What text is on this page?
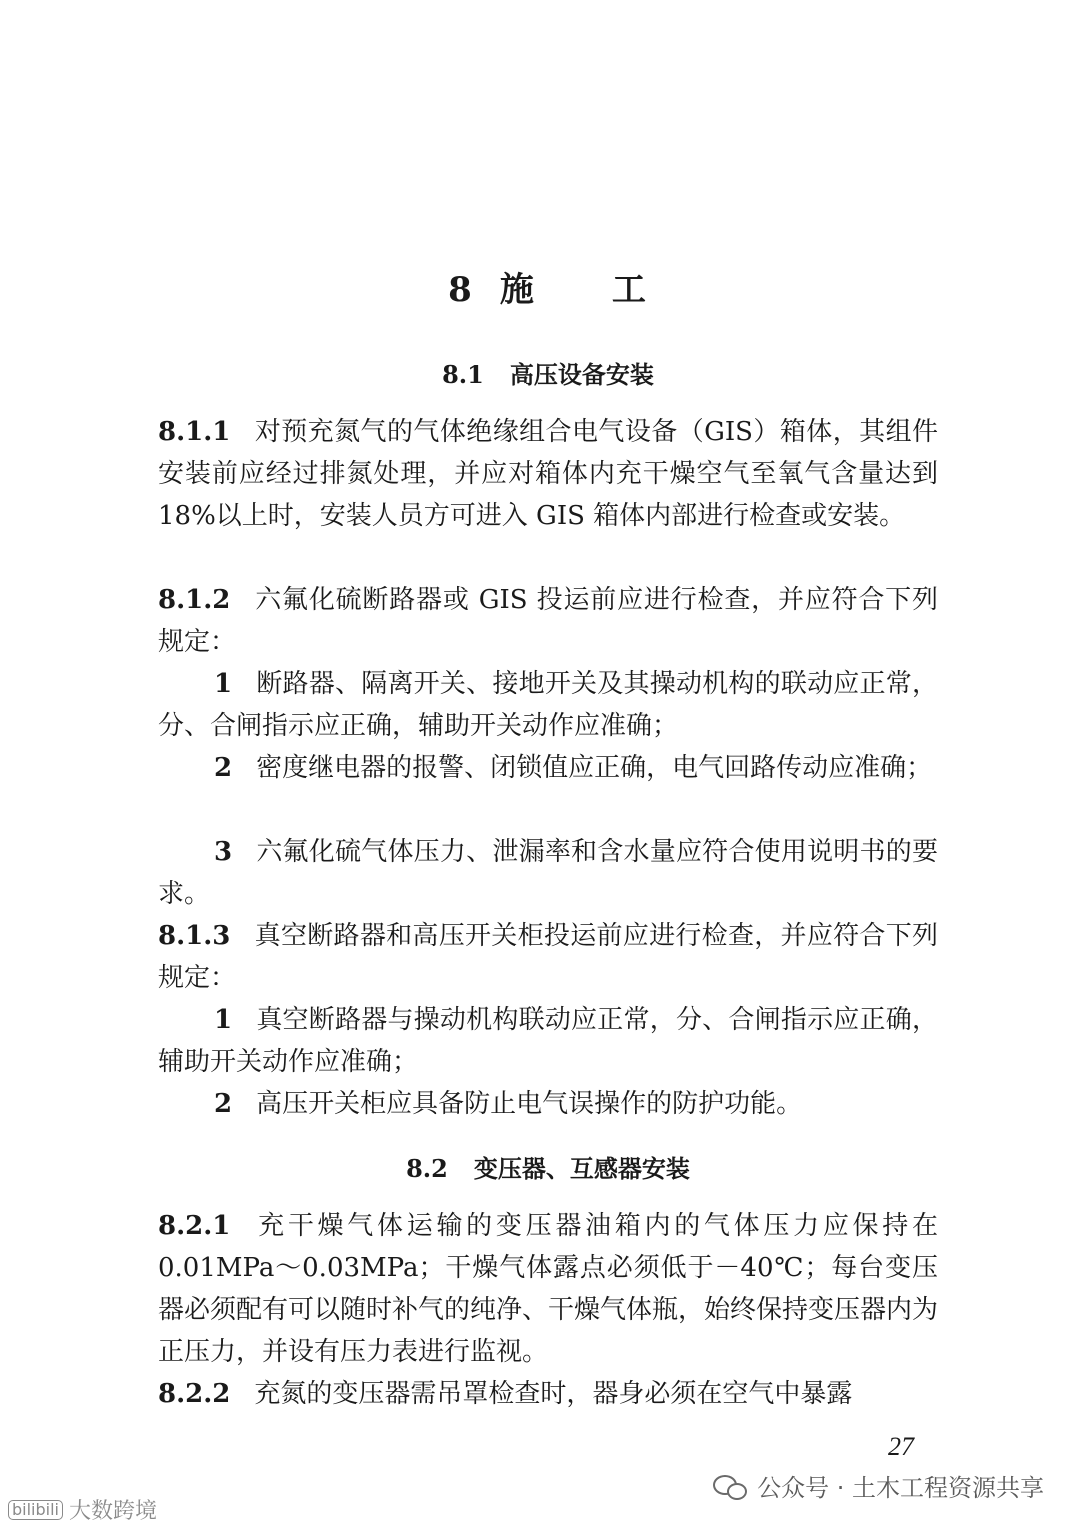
8 施 工
8.1 高压设备安装
8.1.1 对预充氮气的气体绝缘组合电气设备（GIS）箱体，其组件安装前应经过排氮处理，并应对箱体内充干燥空气至氧气含量达到 18%以上时，安装人员方可进入 GIS 箱体内部进行检查或安装。
8.1.2 六氟化硫断路器或 GIS 投运前应进行检查，并应符合下列规定：
1 断路器、隔离开关、接地开关及其操动机构的联动应正常，分、合闸指示应正确，辅助开关动作应准确；
2 密度继电器的报警、闭锁值应正确，电气回路传动应准确；
3 六氟化硫气体压力、泄漏率和含水量应符合使用说明书的要求。
8.1.3 真空断路器和高压开关柜投运前应进行检查，并应符合下列规定：
1 真空断路器与操动机构联动应正常，分、合闸指示应正确，辅助开关动作应准确；
2 高压开关柜应具备防止电气误操作的防护功能。
8.2 变压器、互感器安装
8.2.1 充干燥气体运输的变压器油箱内的气体压力应保持在 0.01MPa～0.03MPa；干燥气体露点必须低于－40℃；每台变压器必须配有可以随时补气的纯净、干燥气体瓶，始终保持变压器内为正压力，并设有压力表进行监视。
8.2.2 充氮的变压器需吊罩检查时，器身必须在空气中暴露
27
公众号 · 土木工程资源共享
bilibili 大数跨境
